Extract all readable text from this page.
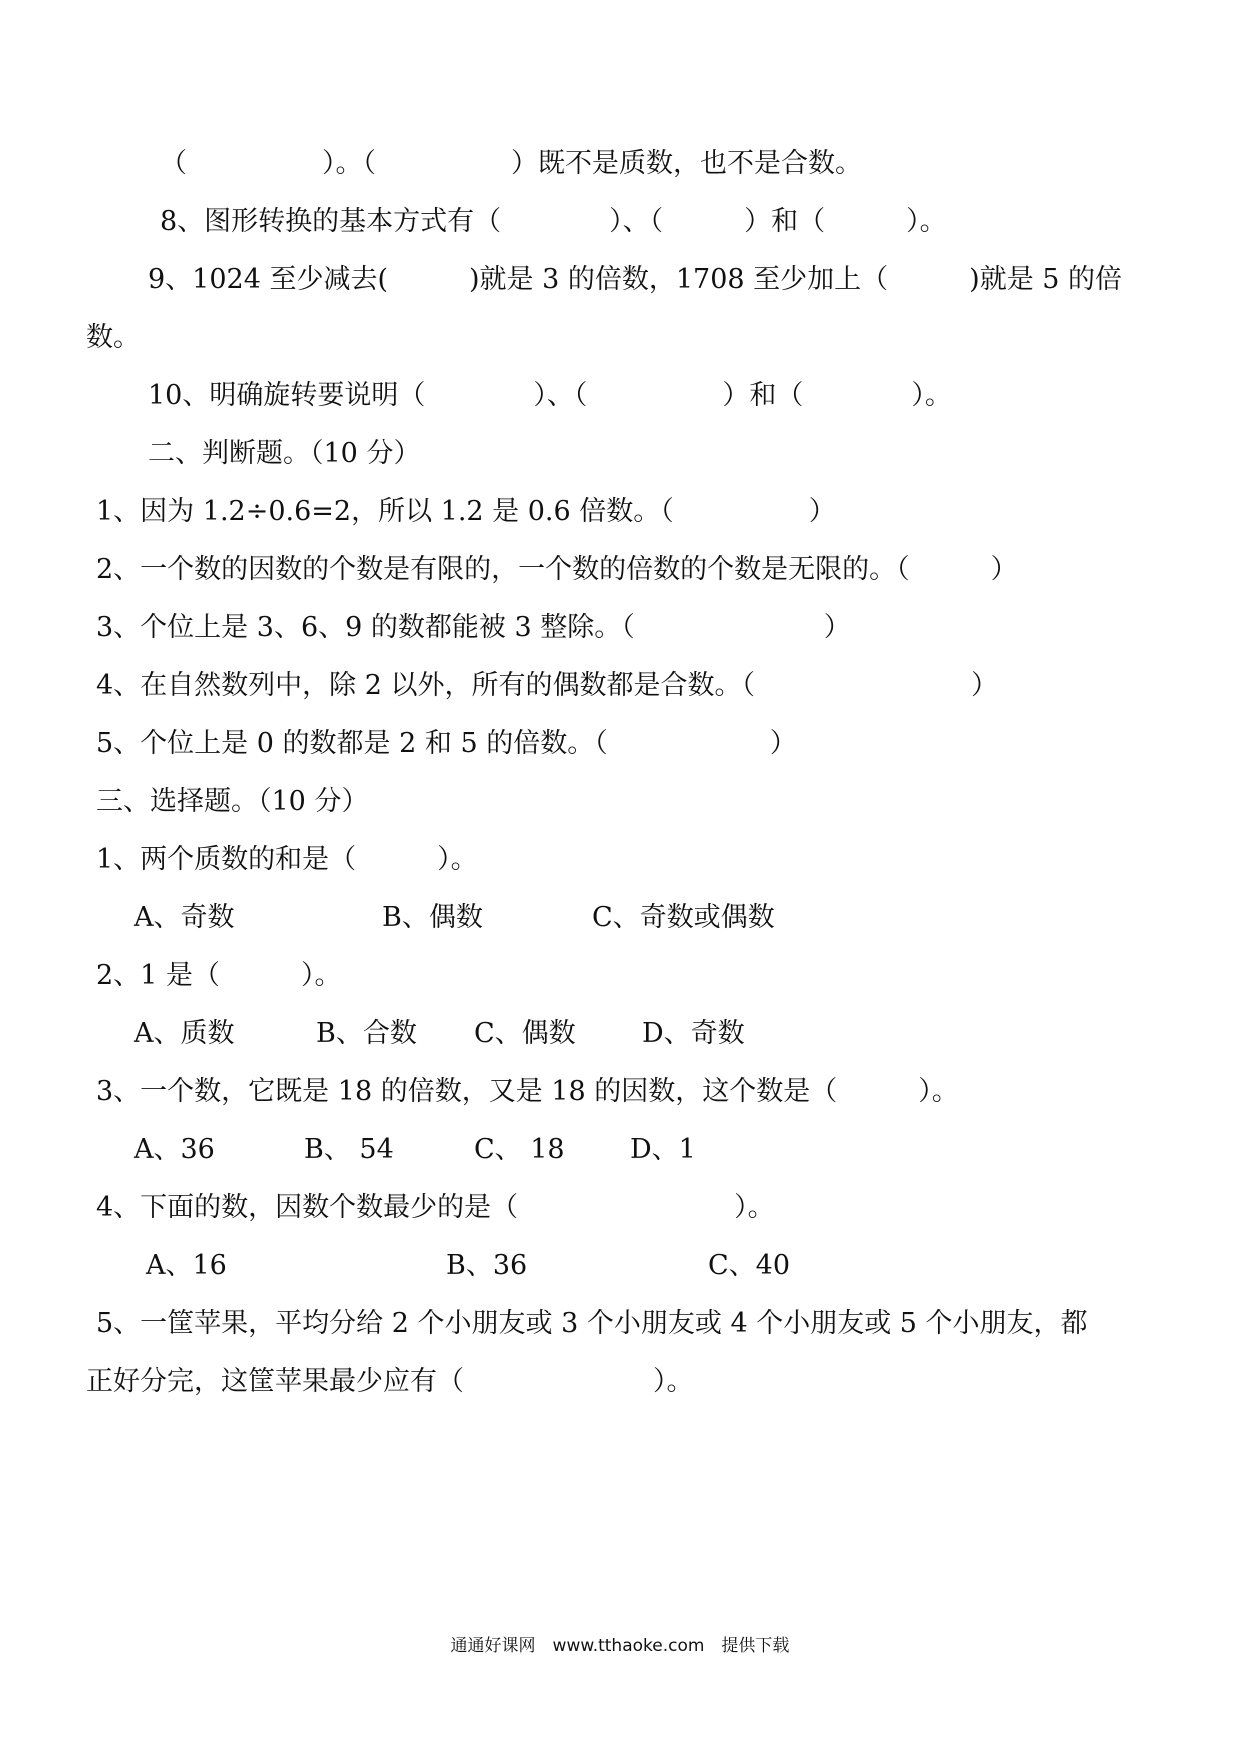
（　　　　　）。（　　　　　）既不是质数，也不是合数。
8、图形转换的基本方式有（　　　　）、（　　　）和（　　　）。
9、1024 至少减去(　　　)就是 3 的倍数，1708 至少加上（　　　)就是 5 的倍
数。
10、明确旋转要说明（　　　　）、（　　　　　）和（　　　　）。
二、判断题。（10 分）
1、因为 1.2÷0.6=2，所以 1.2 是 0.6 倍数。（　　　　　）
2、一个数的因数的个数是有限的，一个数的倍数的个数是无限的。（　　　）
3、个位上是 3、6、9 的数都能被 3 整除。（　　　　　　　）
4、在自然数列中，除 2 以外，所有的偶数都是合数。（　　　　　　　　）
5、个位上是 0 的数都是 2 和 5 的倍数。（　　　　　　）
三、选择题。（10 分）
1、两个质数的和是（　　　）。
A、奇数	B、偶数	C、奇数或偶数
2、1 是（　　　）。
A、质数	B、合数 C、偶数 D、奇数
3、一个数，它既是 18 的倍数，又是 18 的因数，这个数是（　　　）。
A、36	B、 54	C、 18 D、1
4、下面的数，因数个数最少的是（　　　　　　　　）。
A、16	B、36	C、40
5、一筐苹果，平均分给 2 个小朋友或 3 个小朋友或 4 个小朋友或 5 个小朋友，都
正好分完，这筐苹果最少应有（　　　　　　　）。
通通好课网　www.tthaoke.com　提供下载
